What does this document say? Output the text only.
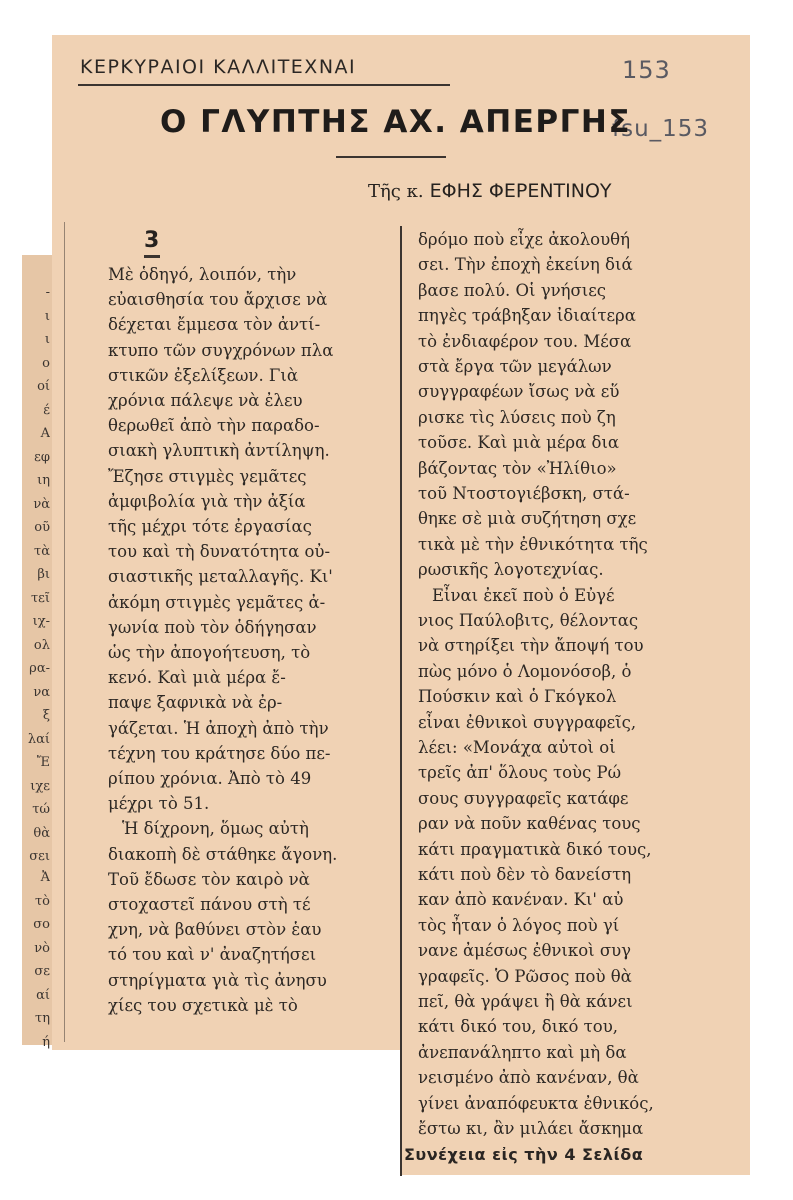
-
ι
ι
ο
οί
έ
Α
εφ
ιη
νὰ
οῦ
τὰ
βι
τεῖ
ιχ-
ολ
ρα-
να
ξ
λαί
Ἔ
ιχε
τώ
θὰ
σει
Ἀ
τὸ
σο
νὸ
σε
αί
τη
ή
ΚΕΡΚΥΡΑΙΟΙ ΚΑΛΛΙΤΕΧΝΑΙ	153
fsu_153
Ο ΓΛΥΠΤΗΣ ΑΧ. ΑΠΕΡΓΗΣ
Τῆς κ. ΕΦΗΣ ΦΕΡΕΝΤΙΝΟΥ
3
Μὲ ὁδηγό, λοιπόν, τὴν
εὐαισθησία του ἄρχισε νὰ
δέχεται ἔμμεσα τὸν ἀντί-
κτυπο τῶν συγχρόνων πλα
στικῶν ἐξελίξεων. Γιὰ
χρόνια πάλεψε νὰ ἐλευ
θερωθεῖ ἀπὸ τὴν παραδο-
σιακὴ γλυπτικὴ ἀντίληψη.
Ἔζησε στιγμὲς γεμᾶτες
ἀμφιβολία γιὰ τὴν ἀξία
τῆς μέχρι τότε ἐργασίας
του καὶ τὴ δυνατότητα οὐ-
σιαστικῆς μεταλλαγῆς. Κι'
ἀκόμη στιγμὲς γεμᾶτες ἀ-
γωνία ποὺ τὸν ὁδήγησαν
ὡς τὴν ἀπογοήτευση, τὸ
κενό. Καὶ μιὰ μέρα ἔ-
παψε ξαφνικὰ νὰ ἐρ-
γάζεται. Ἡ ἀποχὴ ἀπὸ τὴν
τέχνη του κράτησε δύο πε-
ρίπου χρόνια. Ἀπὸ τὸ 49
μέχρι τὸ 51.
Ἡ δίχρονη, ὅμως αὐτὴ
διακοπὴ δὲ στάθηκε ἄγονη.
Τοῦ ἔδωσε τὸν καιρὸ νὰ
στοχαστεῖ πάνου στὴ τέ
χνη, νὰ βαθύνει στὸν ἑαυ
τό του καὶ ν' ἀναζητήσει
στηρίγματα γιὰ τὶς ἀνησυ
χίες του σχετικὰ μὲ τὸ
δρόμο ποὺ εἶχε ἀκολουθή
σει. Τὴν ἐποχὴ ἐκείνη διά
βασε πολύ. Οἱ γνήσιες
πηγὲς τράβηξαν ἰδιαίτερα
τὸ ἐνδιαφέρον του. Μέσα
στὰ ἔργα τῶν μεγάλων
συγγραφέων ἴσως νὰ εὕ
ρισκε τὶς λύσεις ποὺ ζη
τοῦσε. Καὶ μιὰ μέρα δια
βάζοντας τὸν «Ἠλίθιο»
τοῦ Ντοστογιέβσκη, στά-
θηκε σὲ μιὰ συζήτηση σχε
τικὰ μὲ τὴν ἐθνικότητα τῆς
ρωσικῆς λογοτεχνίας.
Εἶναι ἐκεῖ ποὺ ὁ Εὐγέ
νιος Παύλοβιτς, θέλοντας
νὰ στηρίξει τὴν ἄποψή του
πὼς μόνο ὁ Λομονόσοβ, ὁ
Πούσκιν καὶ ὁ Γκόγκολ
εἶναι ἐθνικοὶ συγγραφεῖς,
λέει: «Μονάχα αὐτοὶ οἱ
τρεῖς ἀπ' ὅλους τοὺς Ρώ
σους συγγραφεῖς κατάφε
ραν νὰ ποῦν καθένας τους
κάτι πραγματικὰ δικό τους,
κάτι ποὺ δὲν τὸ δανείστη
καν ἀπὸ κανέναν. Κι' αὐ
τὸς ἦταν ὁ λόγος ποὺ γί
νανε ἀμέσως ἐθνικοὶ συγ
γραφεῖς. Ὁ Ρῶσος ποὺ θὰ
πεῖ, θὰ γράψει ἢ θὰ κάνει
κάτι δικό του, δικό του,
ἀνεπανάληπτο καὶ μὴ δα
νεισμένο ἀπὸ κανέναν, θὰ
γίνει ἀναπόφευκτα ἐθνικός,
ἔστω κι, ἂν μιλάει ἄσκημα
Συνέχεια εἰς τὴν 4 Σελίδα
